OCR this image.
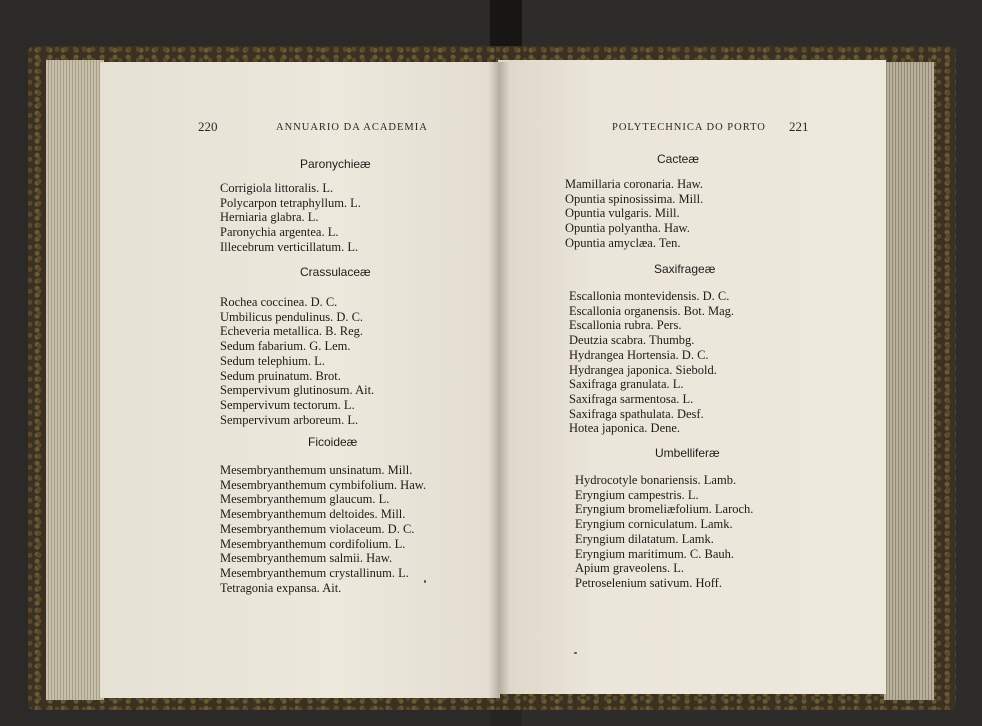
220	ANNUARIO DA ACADEMIA	POLYTECHNICA DO PORTO 221
Paronychieæ
Corrigiola littoralis. L.
Polycarpon tetraphyllum. L.
Herniaria glabra. L.
Paronychia argentea. L.
Illecebrum verticillatum. L.
Crassulaceæ
Rochea coccinea. D. C.
Umbilicus pendulinus. D. C.
Echeveria metallica. B. Reg.
Sedum fabarium. G. Lem.
Sedum telephium. L.
Sedum pruinatum. Brot.
Sempervivum glutinosum. Ait.
Sempervivum tectorum. L.
Sempervivum arboreum. L.
Ficoideæ
Mesembryanthemum unsinatum. Mill.
Mesembryanthemum cymbifolium. Haw.
Mesembryanthemum glaucum. L.
Mesembryanthemum deltoides. Mill.
Mesembryanthemum violaceum. D. C.
Mesembryanthemum cordifolium. L.
Mesembryanthemum salmii. Haw.
Mesembryanthemum crystallinum. L.
Tetragonia expansa. Ait.
Cacteæ
Mamillaria coronaria. Haw.
Opuntia spinosissima. Mill.
Opuntia vulgaris. Mill.
Opuntia polyantha. Haw.
Opuntia amyclæa. Ten.
Saxifrageæ
Escallonia montevidensis. D. C.
Escallonia organensis. Bot. Mag.
Escallonia rubra. Pers.
Deutzia scabra. Thumbg.
Hydrangea Hortensia. D. C.
Hydrangea japonica. Siebold.
Saxifraga granulata. L.
Saxifraga sarmentosa. L.
Saxifraga spathulata. Desf.
Hotea japonica. Dene.
Umbelliferæ
Hydrocotyle bonariensis. Lamb.
Eryngium campestris. L.
Eryngium bromeliæfolium. Laroch.
Eryngium corniculatum. Lamk.
Eryngium dilatatum. Lamk.
Eryngium maritimum. C. Bauh.
Apium graveolens. L.
Petroselenium sativum. Hoff.
